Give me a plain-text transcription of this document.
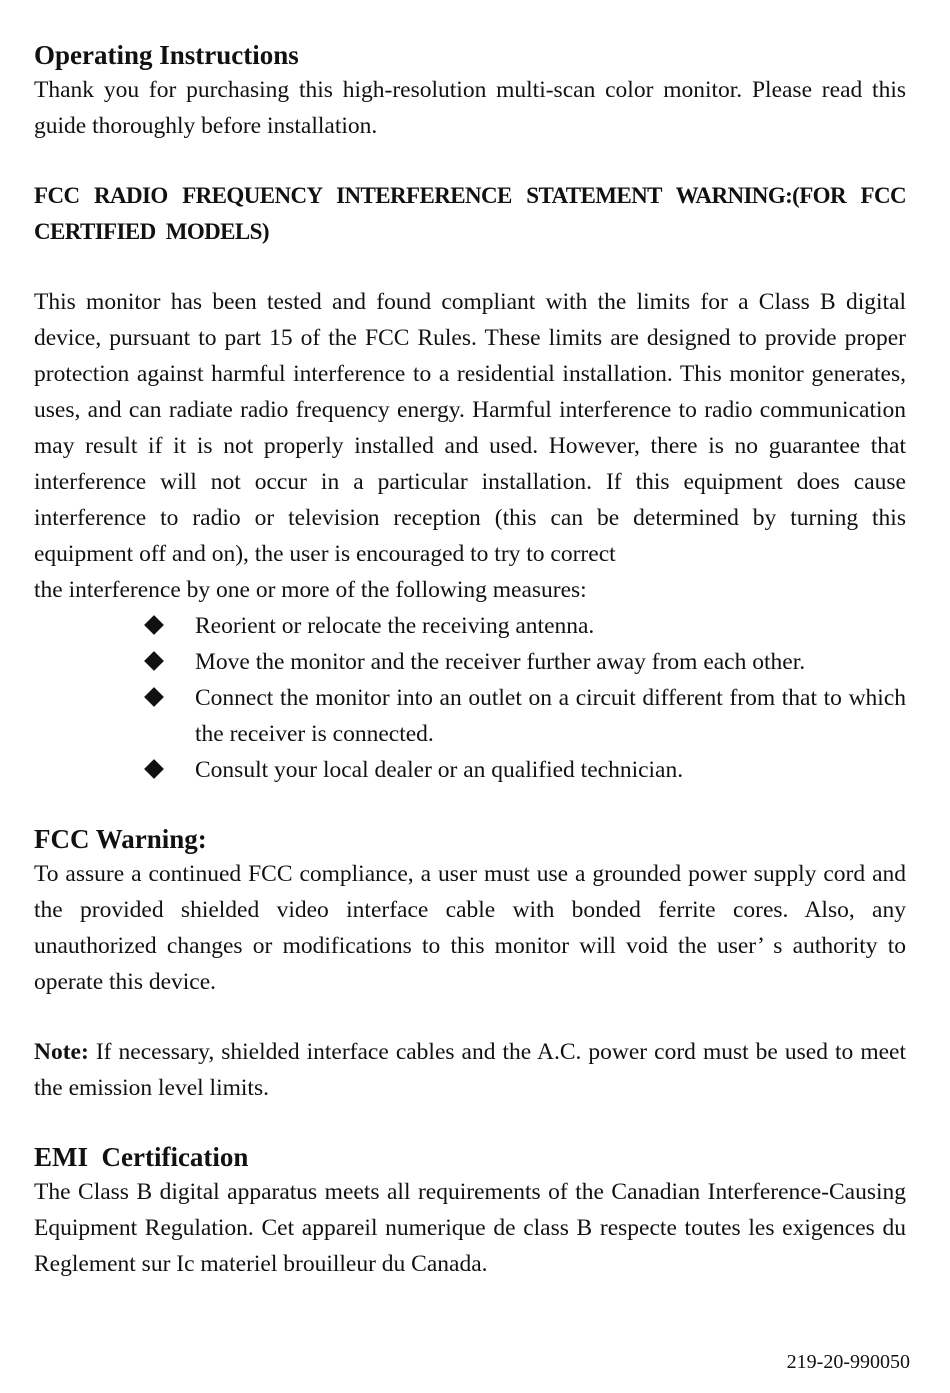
Operating Instructions

Thank you for purchasing this high-resolution multi-scan color monitor. Please read this guide thoroughly before installation.

FCC RADIO FREQUENCY INTERFERENCE STATEMENT WARNING:(FOR FCC CERTIFIED MODELS)

This monitor has been tested and found compliant with the limits for a Class B digital device, pursuant to part 15 of the FCC Rules. These limits are designed to provide proper protection against harmful interference to a residential installation. This monitor generates, uses, and can radiate radio frequency energy. Harmful interference to radio communication may result if it is not properly installed and used. However, there is no guarantee that interference will not occur in a particular installation. If this equipment does cause interference to radio or television reception (this can be determined by turning this equipment off and on), the user is encouraged to try to correct

the interference by one or more of the following measures:

Reorient or relocate the receiving antenna.
Move the monitor and the receiver further away from each other.
Connect the monitor into an outlet on a circuit different from that to which the receiver is connected.
Consult your local dealer or an qualified technician.
FCC Warning:

To assure a continued FCC compliance, a user must use a grounded power supply cord and the provided shielded video interface cable with bonded ferrite cores. Also, any unauthorized changes or modifications to this monitor will void the user’ s authority to operate this device.

Note: If necessary, shielded interface cables and the A.C. power cord must be used to meet the emission level limits.

EMI  Certification

The Class B digital apparatus meets all requirements of the Canadian Interference-Causing Equipment Regulation. Cet appareil numerique de class B respecte toutes les exigences du Reglement sur Ic materiel brouilleur du Canada.

219-20-990050
